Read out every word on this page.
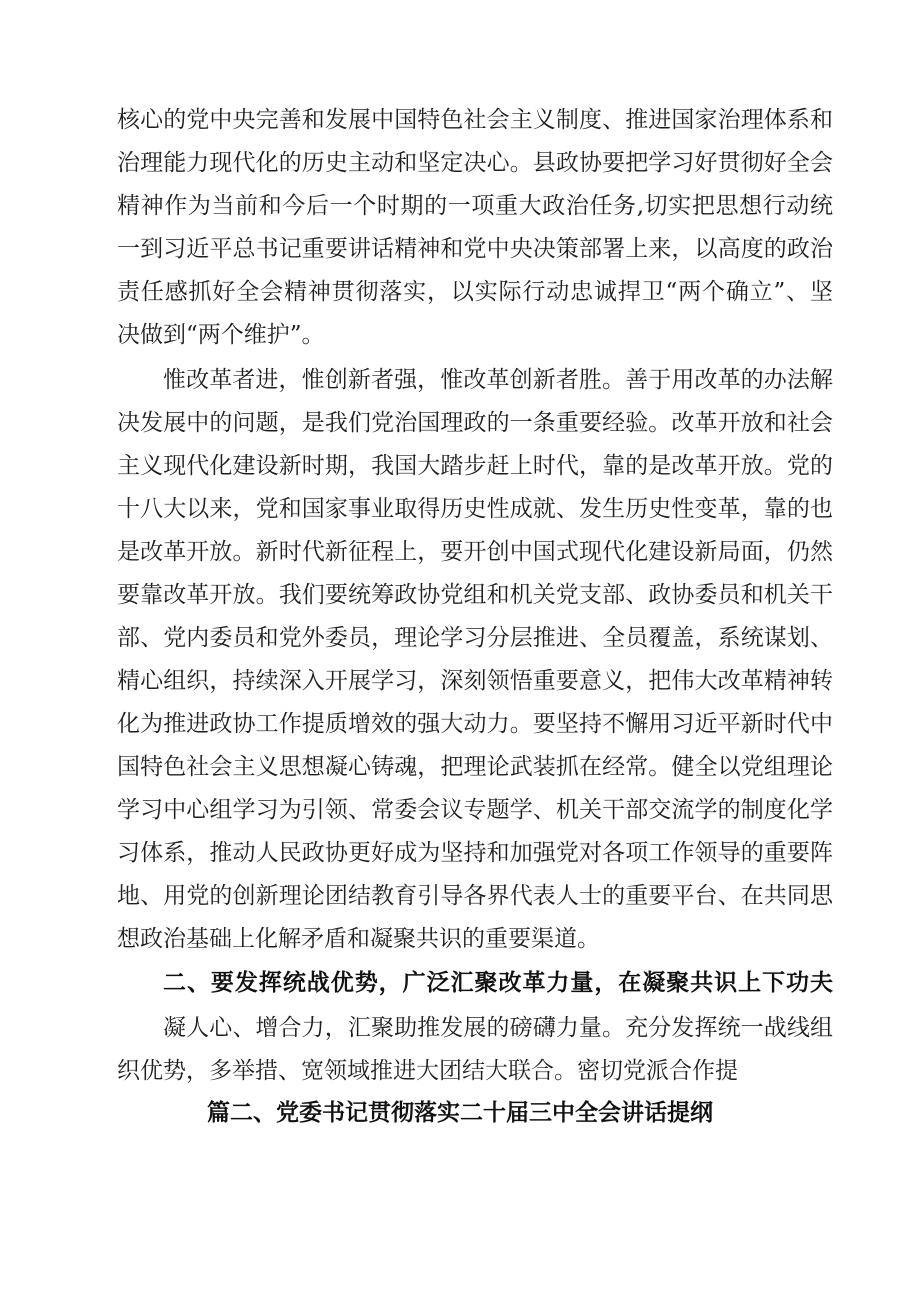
核心的党中央完善和发展中国特色社会主义制度、推进国家治理体系和
治理能力现代化的历史主动和坚定决心。县政协要把学习好贯彻好全会
精神作为当前和今后一个时期的一项重大政治任务,切实把思想行动统
一到习近平总书记重要讲话精神和党中央决策部署上来，以高度的政治
责任感抓好全会精神贯彻落实，以实际行动忠诚捍卫“两个确立”、坚
决做到“两个维护”。
惟改革者进，惟创新者强，惟改革创新者胜。善于用改革的办法解
决发展中的问题，是我们党治国理政的一条重要经验。改革开放和社会
主义现代化建设新时期，我国大踏步赶上时代，靠的是改革开放。党的
十八大以来，党和国家事业取得历史性成就、发生历史性变革，靠的也
是改革开放。新时代新征程上，要开创中国式现代化建设新局面，仍然
要靠改革开放。我们要统筹政协党组和机关党支部、政协委员和机关干
部、党内委员和党外委员，理论学习分层推进、全员覆盖，系统谋划、
精心组织，持续深入开展学习，深刻领悟重要意义，把伟大改革精神转
化为推进政协工作提质增效的强大动力。要坚持不懈用习近平新时代中
国特色社会主义思想凝心铸魂，把理论武装抓在经常。健全以党组理论
学习中心组学习为引领、常委会议专题学、机关干部交流学的制度化学
习体系，推动人民政协更好成为坚持和加强党对各项工作领导的重要阵
地、用党的创新理论团结教育引导各界代表人士的重要平台、在共同思
想政治基础上化解矛盾和凝聚共识的重要渠道。
二、要发挥统战优势，广泛汇聚改革力量，在凝聚共识上下功夫
凝人心、增合力，汇聚助推发展的磅礴力量。充分发挥统一战线组
织优势，多举措、宽领域推进大团结大联合。密切党派合作提
篇二、党委书记贯彻落实二十届三中全会讲话提纲
